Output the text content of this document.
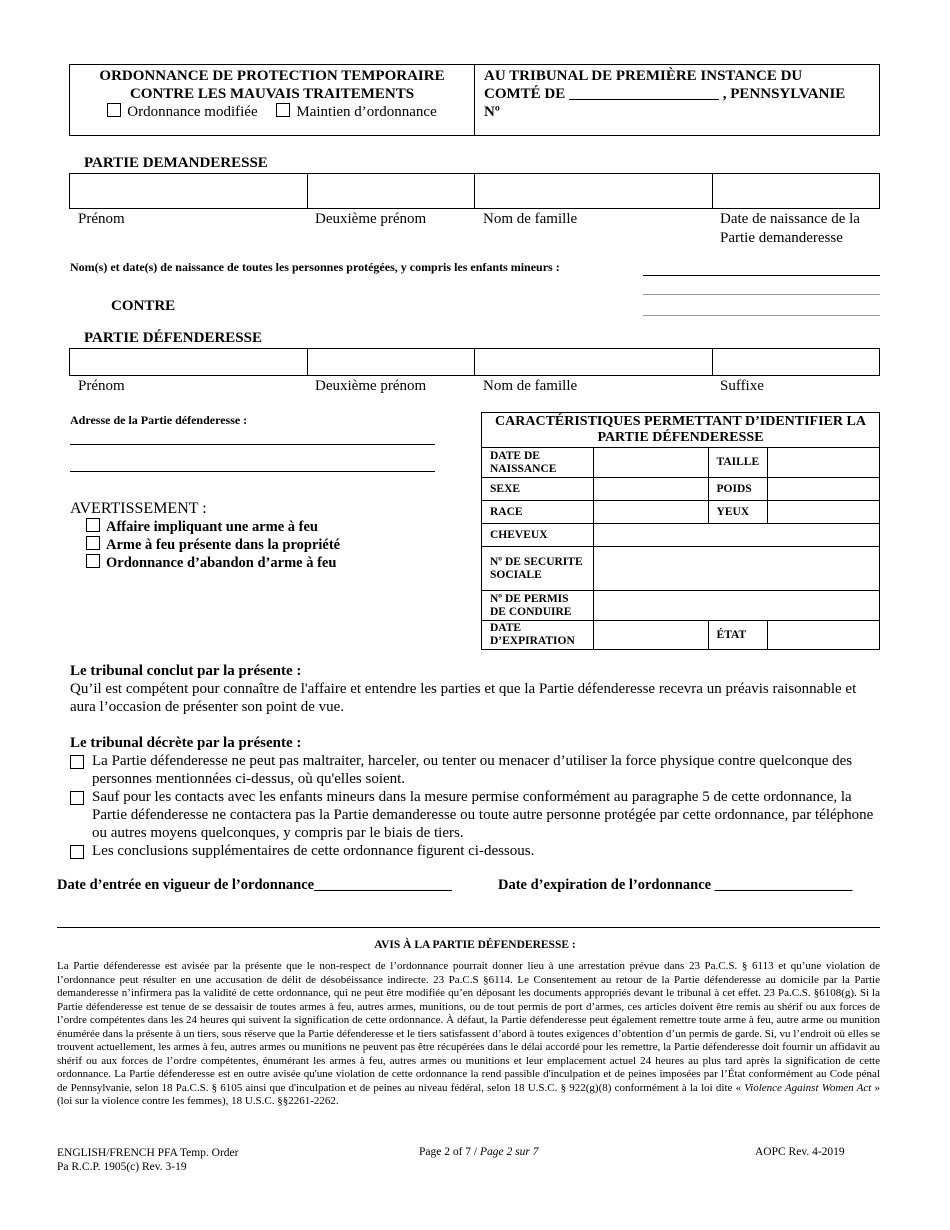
ORDONNANCE DE PROTECTION TEMPORAIRE
CONTRE LES MAUVAIS TRAITEMENTS
Ordonnance modifiée	Maintien d’ordonnance
AU TRIBUNAL DE PREMIÈRE INSTANCE DU
COMTÉ DE ____________________ , PENNSYLVANIE
Nº
PARTIE DEMANDERESSE
Prénom	Deuxième prénom	Nom de famille	Date de naissance de la Partie demanderesse
Nom(s) et date(s) de naissance de toutes les personnes protégées, y compris les enfants mineurs :
CONTRE
PARTIE DÉFENDERESSE
Prénom	Deuxième prénom	Nom de famille	Suffixe
Adresse de la Partie défenderesse :
AVERTISSEMENT :
Affaire impliquant une arme à feu
Arme à feu présente dans la propriété
Ordonnance d’abandon d’arme à feu
CARACTÉRISTIQUES PERMETTANT D’IDENTIFIER LA PARTIE DÉFENDERESSE			
DATE DE NAISSANCE		TAILLE	
SEXE		POIDS	
RACE		YEUX	
CHEVEUX			
Nº DE SECURITE SOCIALE			
Nº DE PERMIS DE CONDUIRE			
DATE D’EXPIRATION		ÉTAT	
Le tribunal conclut par la présente :
Qu’il est compétent pour connaître de l'affaire et entendre les parties et que la Partie défenderesse recevra un préavis raisonnable et aura l’occasion de présenter son point de vue.
Le tribunal décrète par la présente :
La Partie défenderesse ne peut pas maltraiter, harceler, ou tenter ou menacer d’utiliser la force physique contre quelconque des personnes mentionnées ci-dessus, où qu'elles soient.
Sauf pour les contacts avec les enfants mineurs dans la mesure permise conformément au paragraphe 5 de cette ordonnance, la Partie défenderesse ne contactera pas la Partie demanderesse ou toute autre personne protégée par cette ordonnance, par téléphone ou autres moyens quelconques, y compris par le biais de tiers.
Les conclusions supplémentaires de cette ordonnance figurent ci-dessous.
Date d’entrée en vigueur de l’ordonnance___________________	Date d’expiration de l’ordonnance ___________________
AVIS À LA PARTIE DÉFENDERESSE :
La Partie défenderesse est avisée par la présente que le non-respect de l’ordonnance pourrait donner lieu à une arrestation prévue dans 23 Pa.C.S. § 6113 et qu’une violation de l’ordonnance peut résulter en une accusation de délit de désobéissance indirecte. 23 Pa.C.S §6114. Le Consentement au retour de la Partie défenderesse au domicile par la Partie demanderesse n’infirmera pas la validité de cette ordonnance, qui ne peut être modifiée qu’en déposant les documents appropriés devant le tribunal à cet effet. 23 Pa.C.S. §6108(g). Si la Partie défenderesse est tenue de se dessaisir de toutes armes à feu, autres armes, munitions, ou de tout permis de port d’armes, ces articles doivent être remis au shérif ou aux forces de l’ordre compétentes dans les 24 heures qui suivent la signification de cette ordonnance. À défaut, la Partie défenderesse peut également remettre toute arme à feu, autre arme ou munition énumérée dans la présente à un tiers, sous réserve que la Partie défenderesse et le tiers satisfassent d’abord à toutes exigences d’obtention d’un permis de garde. Si, vu l’endroit où elles se trouvent actuellement, les armes à feu, autres armes ou munitions ne peuvent pas être récupérées dans le délai accordé pour les remettre, la Partie défenderesse doit fournir un affidavit au shérif ou aux forces de l’ordre compétentes, énumérant les armes à feu, autres armes ou munitions et leur emplacement actuel 24 heures au plus tard après la signification de cette ordonnance. La Partie défenderesse est en outre avisée qu'une violation de cette ordonnance la rend passible d'inculpation et de peines imposées par l’État conformément au Code pénal de Pennsylvanie, selon 18 Pa.C.S. § 6105 ainsi que d'inculpation et de peines au niveau fédéral, selon 18 U.S.C. § 922(g)(8) conformément à la loi dite « Violence Against Women Act » (loi sur la violence contre les femmes), 18 U.S.C. §§2261-2262.
ENGLISH/FRENCH PFA Temp. Order
Pa R.C.P. 1905(c) Rev. 3-19
Page 2 of 7 / Page 2 sur 7	AOPC Rev. 4-2019
